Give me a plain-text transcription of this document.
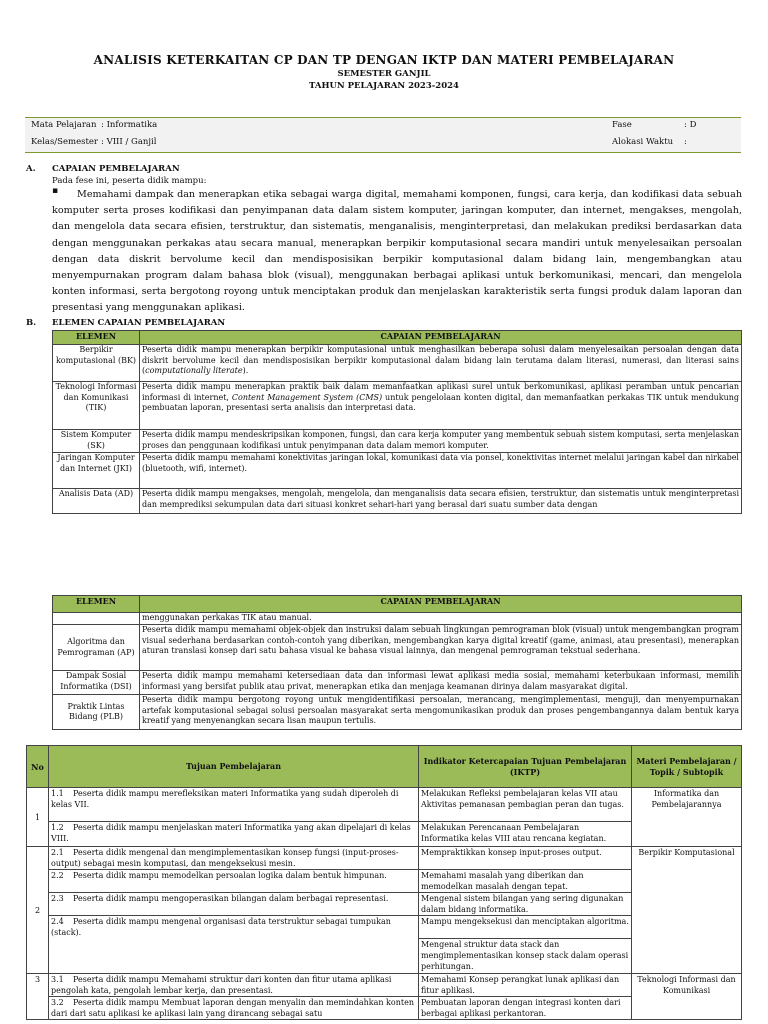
ANALISIS KETERKAITAN CP DAN TP DENGAN IKTP DAN MATERI PEMBELAJARAN
SEMESTER GANJIL
TAHUN PELAJARAN 2023-2024
Mata Pelajaran : Informatika
Kelas/Semester : VIII / Ganjil
Fase	: D
Alokasi Waktu :
A. CAPAIAN PEMBELAJARAN
Pada fese ini, peserta didik mampu:
▪	Memahami dampak dan menerapkan etika sebagai warga digital, memahami komponen, fungsi, cara kerja, dan kodifikasi data sebuah komputer serta proses kodifikasi dan penyimpanan data dalam sistem komputer, jaringan komputer, dan internet, mengakses, mengolah, dan mengelola data secara efisien, terstruktur, dan sistematis, menganalisis, menginterpretasi, dan melakukan prediksi berdasarkan data dengan menggunakan perkakas atau secara manual, menerapkan berpikir komputasional secara mandiri untuk menyelesaikan persoalan dengan data diskrit bervolume kecil dan mendisposisikan berpikir komputasional dalam bidang lain, mengembangkan atau menyempurnakan program dalam bahasa blok (visual), menggunakan berbagai aplikasi untuk berkomunikasi, mencari, dan mengelola konten informasi, serta bergotong royong untuk menciptakan produk dan menjelaskan karakteristik serta fungsi produk dalam laporan dan presentasi yang menggunakan aplikasi.
B. ELEMEN CAPAIAN PEMBELAJARAN
ELEMEN	CAPAIAN PEMBELAJARAN
Berpikir komputasional (BK)	Peserta didik mampu menerapkan berpikir komputasional untuk menghasilkan beberapa solusi dalam menyelesaikan persoalan dengan data diskrit bervolume kecil dan mendisposisikan berpikir komputasional dalam bidang lain terutama dalam literasi, numerasi, dan literasi sains (computationally literate).
Teknologi Informasi dan Komunikasi (TIK)	Peserta didik mampu menerapkan praktik baik dalam memanfaatkan aplikasi surel untuk berkomunikasi, aplikasi peramban untuk pencarian informasi di internet, Content Management System (CMS) untuk pengelolaan konten digital, dan memanfaatkan perkakas TIK untuk mendukung pembuatan laporan, presentasi serta analisis dan interpretasi data.
Sistem Komputer (SK)	Peserta didik mampu mendeskripsikan komponen, fungsi, dan cara kerja komputer yang membentuk sebuah sistem komputasi, serta menjelaskan proses dan penggunaan kodifikasi untuk penyimpanan data dalam memori komputer.
Jaringan Komputer dan Internet (JKI)	Peserta didik mampu memahami konektivitas jaringan lokal, komunikasi data via ponsel, konektivitas internet melalui jaringan kabel dan nirkabel (bluetooth, wifi, internet).
Analisis Data (AD)	Peserta didik mampu mengakses, mengolah, mengelola, dan menganalisis data secara efisien, terstruktur, dan sistematis untuk menginterpretasi dan memprediksi sekumpulan data dari situasi konkret sehari-hari yang berasal dari suatu sumber data dengan
ELEMEN	CAPAIAN PEMBELAJARAN
	menggunakan perkakas TIK atau manual.
Algoritma dan Pemrograman (AP)	Peserta didik mampu memahami objek-objek dan instruksi dalam sebuah lingkungan pemrograman blok (visual) untuk mengembangkan program visual sederhana berdasarkan contoh-contoh yang diberikan, mengembangkan karya digital kreatif (game, animasi, atau presentasi), menerapkan aturan translasi konsep dari satu bahasa visual ke bahasa visual lainnya, dan mengenal pemrograman tekstual sederhana.
Dampak Sosial Informatika (DSI)	Peserta didik mampu memahami ketersediaan data dan informasi lewat aplikasi media sosial, memahami keterbukaan informasi, memilih informasi yang bersifat publik atau privat, menerapkan etika dan menjaga keamanan dirinya dalam masyarakat digital.
Praktik Lintas Bidang (PLB)	Peserta didik mampu bergotong royong untuk mengidentifikasi persoalan, merancang, mengimplementasi, menguji, dan menyempurnakan artefak komputasional sebagai solusi persoalan masyarakat serta mengomunikasikan produk dan proses pengembangannya dalam bentuk karya kreatif yang menyenangkan secara lisan maupun tertulis.
No	Tujuan Pembelajaran	Indikator Ketercapaian Tujuan Pembelajaran (IKTP)	Materi Pembelajaran / Topik / Subtopik
1	1.1 Peserta didik mampu merefleksikan materi Informatika yang sudah diperoleh di kelas VII.	Melakukan Refleksi pembelajaran kelas VII atau Aktivitas pemanasan pembagian peran dan tugas.	Informatika dan Pembelajarannya
	1.2 Peserta didik mampu menjelaskan materi Informatika yang akan dipelajari di kelas VIII.	Melakukan Perencanaan Pembelajaran Informatika kelas VIII atau rencana kegiatan.	
2	2.1 Peserta didik mengenal dan mengimplementasikan konsep fungsi (input-proses-output) sebagai mesin komputasi, dan mengeksekusi mesin.	Mempraktikkan konsep input-proses output.	Berpikir Komputasional
	2.2 Peserta didik mampu memodelkan persoalan logika dalam bentuk himpunan.	Memahami masalah yang diberikan dan memodelkan masalah dengan tepat.	
	2.3 Peserta didik mampu mengoperasikan bilangan dalam berbagai representasi.	Mengenal sistem bilangan yang sering digunakan dalam bidang informatika.	
	2.4 Peserta didik mampu mengenal organisasi data terstruktur sebagai tumpukan (stack).	Mampu mengeksekusi dan menciptakan algoritma.	
		Mengenal struktur data stack dan mengimplementasikan konsep stack dalam operasi perhitungan.	
3	3.1 Peserta didik mampu Memahami struktur dari konten dan fitur utama aplikasi pengolah kata, pengolah lembar kerja, dan presentasi.	Memahami Konsep perangkat lunak aplikasi dan fitur aplikasi.	Teknologi Informasi dan Komunikasi
	3.2 Peserta didik mampu Membuat laporan dengan menyalin dan memindahkan konten dari dari satu aplikasi ke aplikasi lain yang dirancang sebagai satu	Pembuatan laporan dengan integrasi konten dari berbagai aplikasi perkantoran.	
